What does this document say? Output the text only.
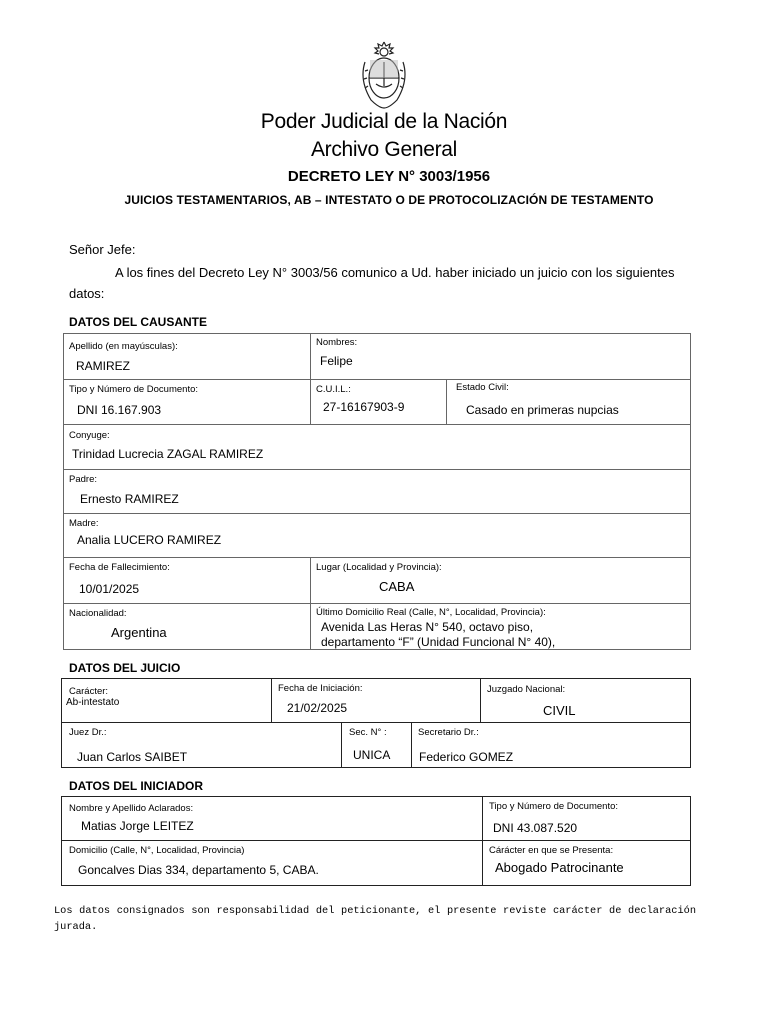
Poder Judicial de la Nación
Archivo General
DECRETO LEY N° 3003/1956
JUICIOS TESTAMENTARIOS, AB – INTESTATO O DE PROTOCOLIZACIÓN DE TESTAMENTO
Señor Jefe:
A los fines del Decreto Ley N° 3003/56 comunico a Ud. haber iniciado un juicio con los siguientes datos:
DATOS DEL CAUSANTE
Apellido (en mayúsculas):
RAMIREZ
Nombres:
Felipe
Tipo y Número de Documento:
DNI 16.167.903
C.U.I.L.:
27-16167903-9
Estado Civil:
Casado en primeras nupcias
Conyuge:
Trinidad Lucrecia ZAGAL RAMIREZ
Padre:
Ernesto RAMIREZ
Madre:
Analia LUCERO RAMIREZ
Fecha de Fallecimiento:
10/01/2025
Lugar (Localidad y Provincia):
CABA
Nacionalidad:
Argentina
Último Domicilio Real (Calle, N°, Localidad, Provincia):
Avenida Las Heras N° 540, octavo piso,
departamento “F” (Unidad Funcional N° 40),
DATOS DEL JUICIO
Carácter:
Ab-intestato
Fecha de Iniciación:
21/02/2025
Juzgado Nacional:
CIVIL
Juez Dr.:
Juan Carlos SAIBET
Sec. N° :
UNICA
Secretario Dr.:
Federico GOMEZ
DATOS DEL INICIADOR
Nombre y Apellido Aclarados:
Matias Jorge LEITEZ
Tipo y Número de Documento:
DNI 43.087.520
Domicilio (Calle, N°, Localidad, Provincia)
Goncalves Dias 334, departamento 5, CABA.
Cárácter en que se Presenta:
Abogado Patrocinante
Los datos consignados son responsabilidad del peticionante, el presente reviste carácter de declaración jurada.
